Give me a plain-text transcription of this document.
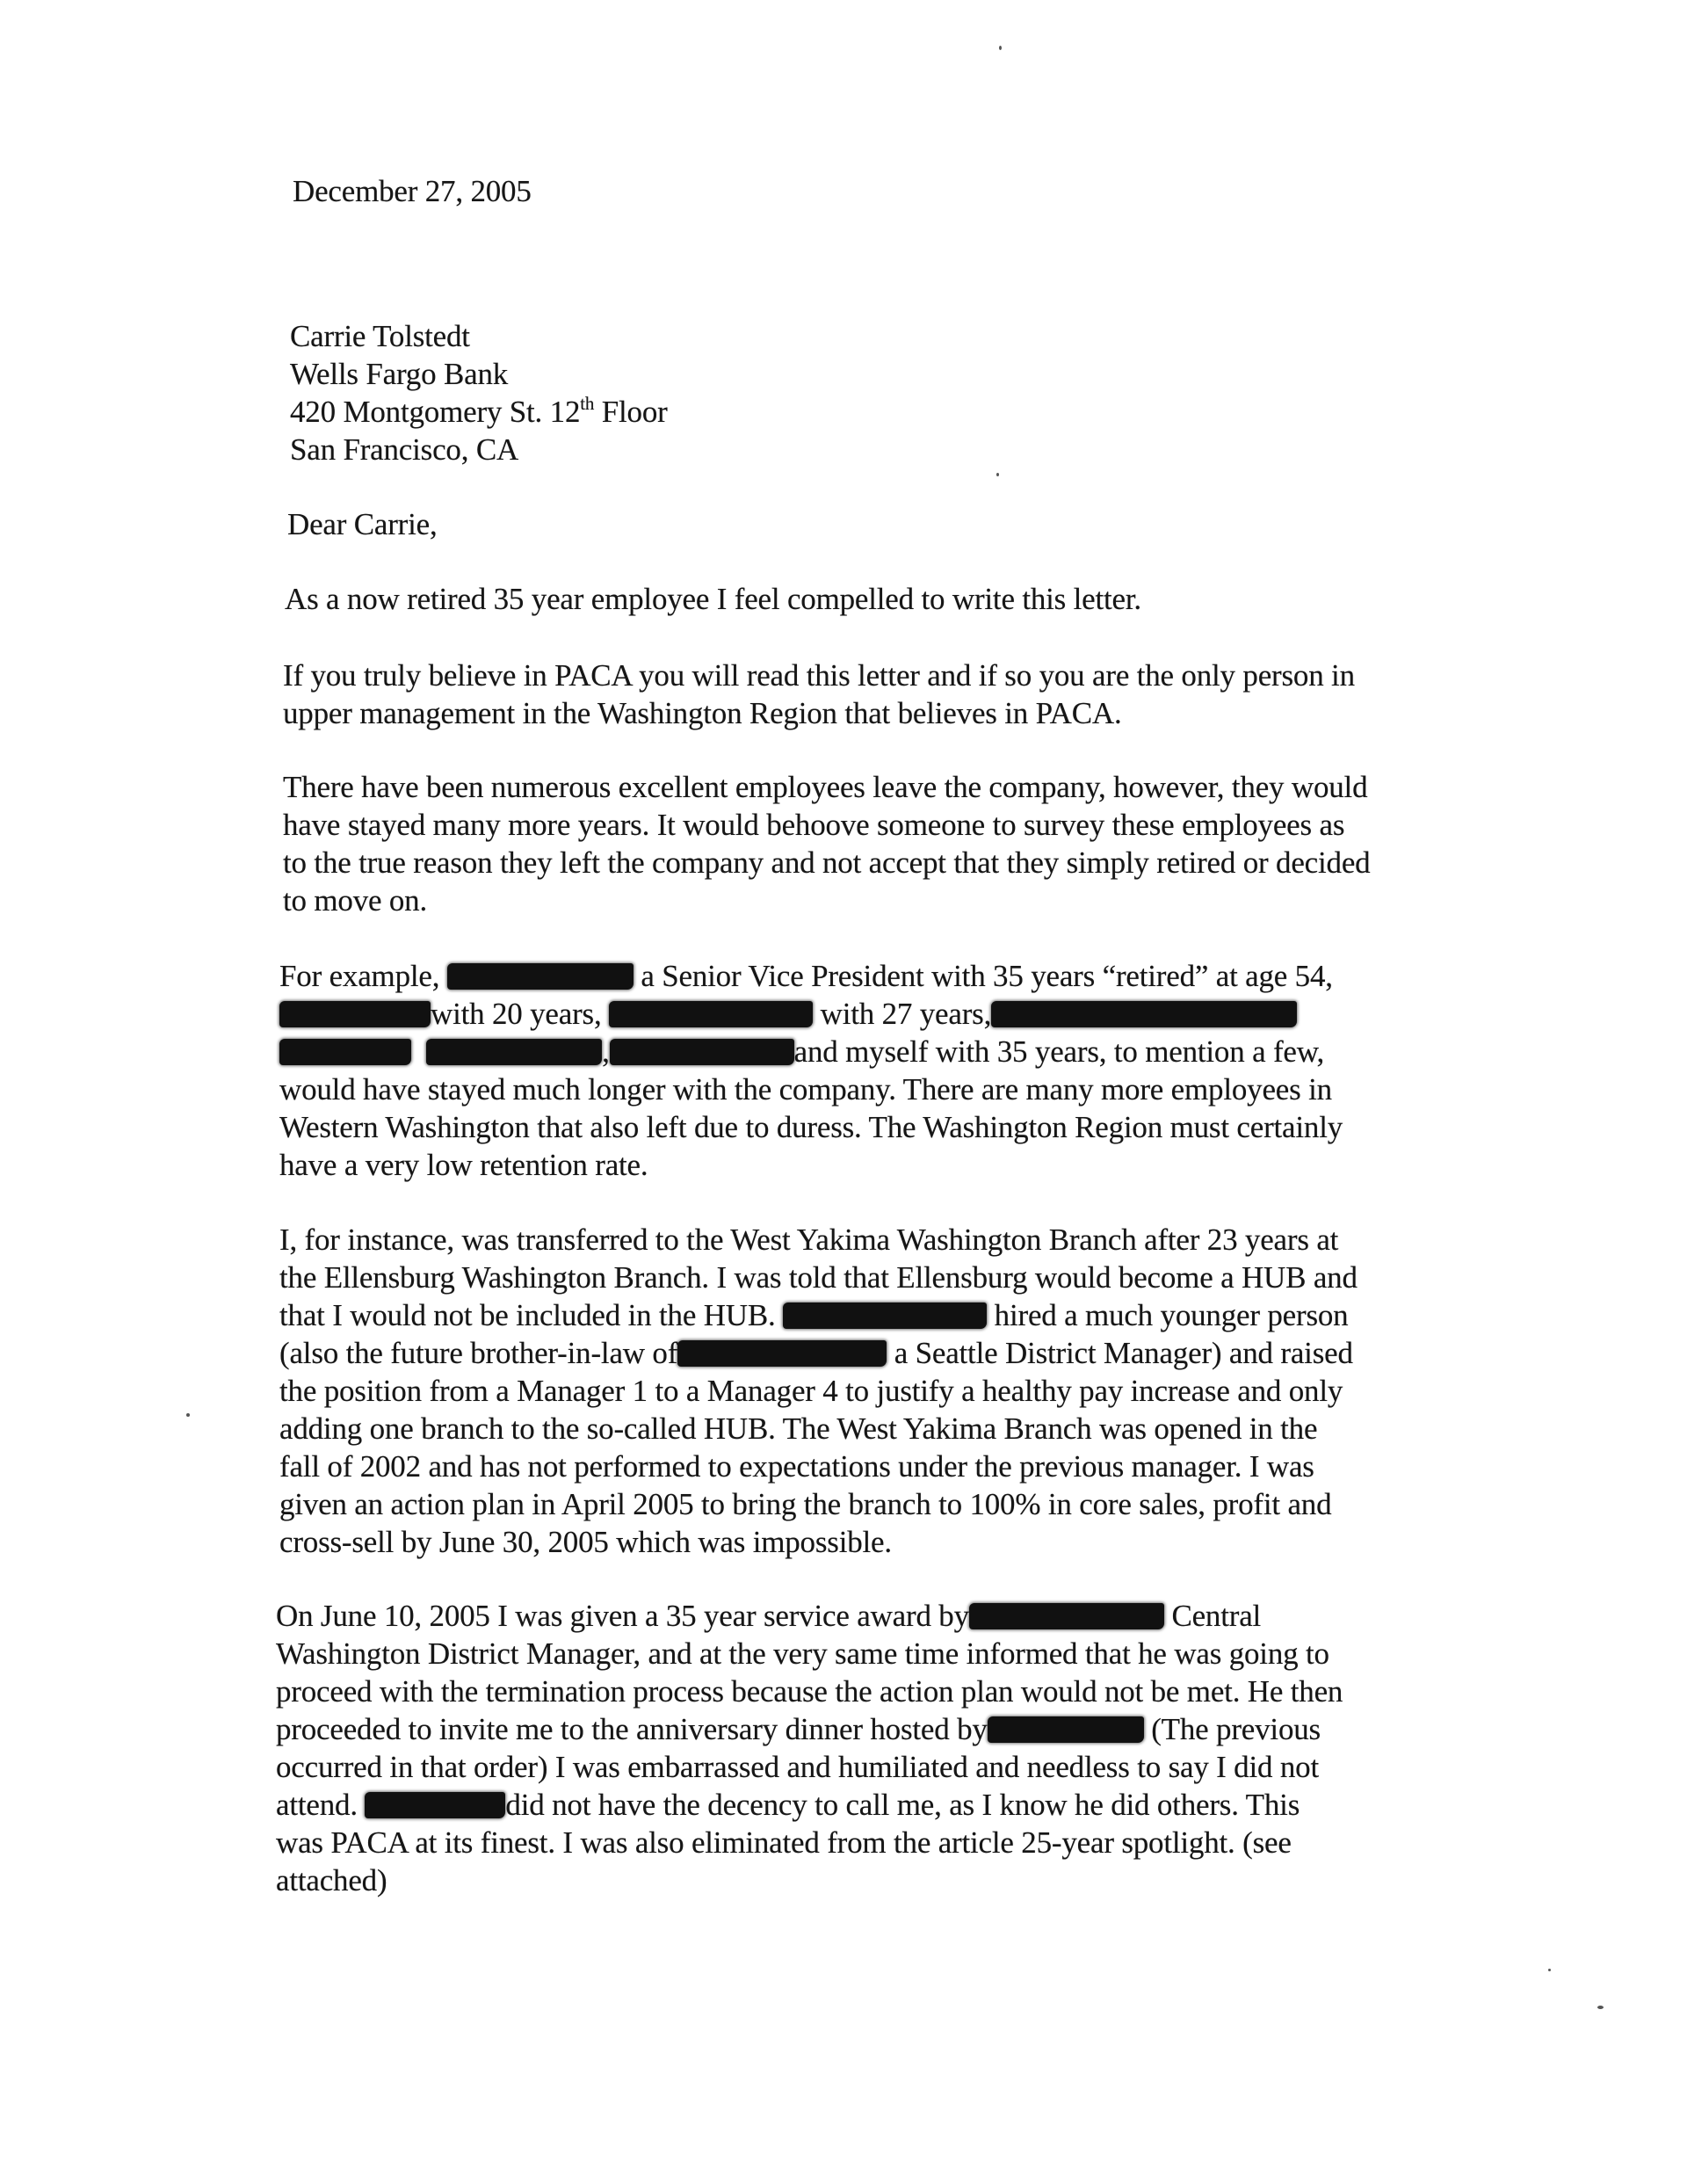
December 27, 2005

Carrie Tolstedt
Wells Fargo Bank
420 Montgomery St. 12th Floor
San Francisco, CA

Dear Carrie,

As a now retired 35 year employee I feel compelled to write this letter.

If you truly believe in PACA you will read this letter and if so you are the only person in
upper management in the Washington Region that believes in PACA.

There have been numerous excellent employees leave the company, however, they would
have stayed many more years. It would behoove someone to survey these employees as
to the true reason they left the company and not accept that they simply retired or decided
to move on.

For example,	a Senior Vice President with 35 years “retired” at age 54,
with 20 years,	with 27 years,
,	and myself with 35 years, to mention a few,
would have stayed much longer with the company. There are many more employees in
Western Washington that also left due to duress. The Washington Region must certainly
have a very low retention rate.
I, for instance, was transferred to the West Yakima Washington Branch after 23 years at
the Ellensburg Washington Branch. I was told that Ellensburg would become a HUB and
that I would not be included in the HUB.	hired a much younger person
(also the future brother-in-law of	a Seattle District Manager) and raised
the position from a Manager 1 to a Manager 4 to justify a healthy pay increase and only
adding one branch to the so-called HUB. The West Yakima Branch was opened in the
fall of 2002 and has not performed to expectations under the previous manager. I was
given an action plan in April 2005 to bring the branch to 100% in core sales, profit and
cross-sell by June 30, 2005 which was impossible.
On June 10, 2005 I was given a 35 year service award by	Central
Washington District Manager, and at the very same time informed that he was going to
proceed with the termination process because the action plan would not be met. He then
proceeded to invite me to the anniversary dinner hosted by	(The previous
occurred in that order) I was embarrassed and humiliated and needless to say I did not
attend.	did not have the decency to call me, as I know he did others. This
was PACA at its finest. I was also eliminated from the article 25-year spotlight. (see
attached)
